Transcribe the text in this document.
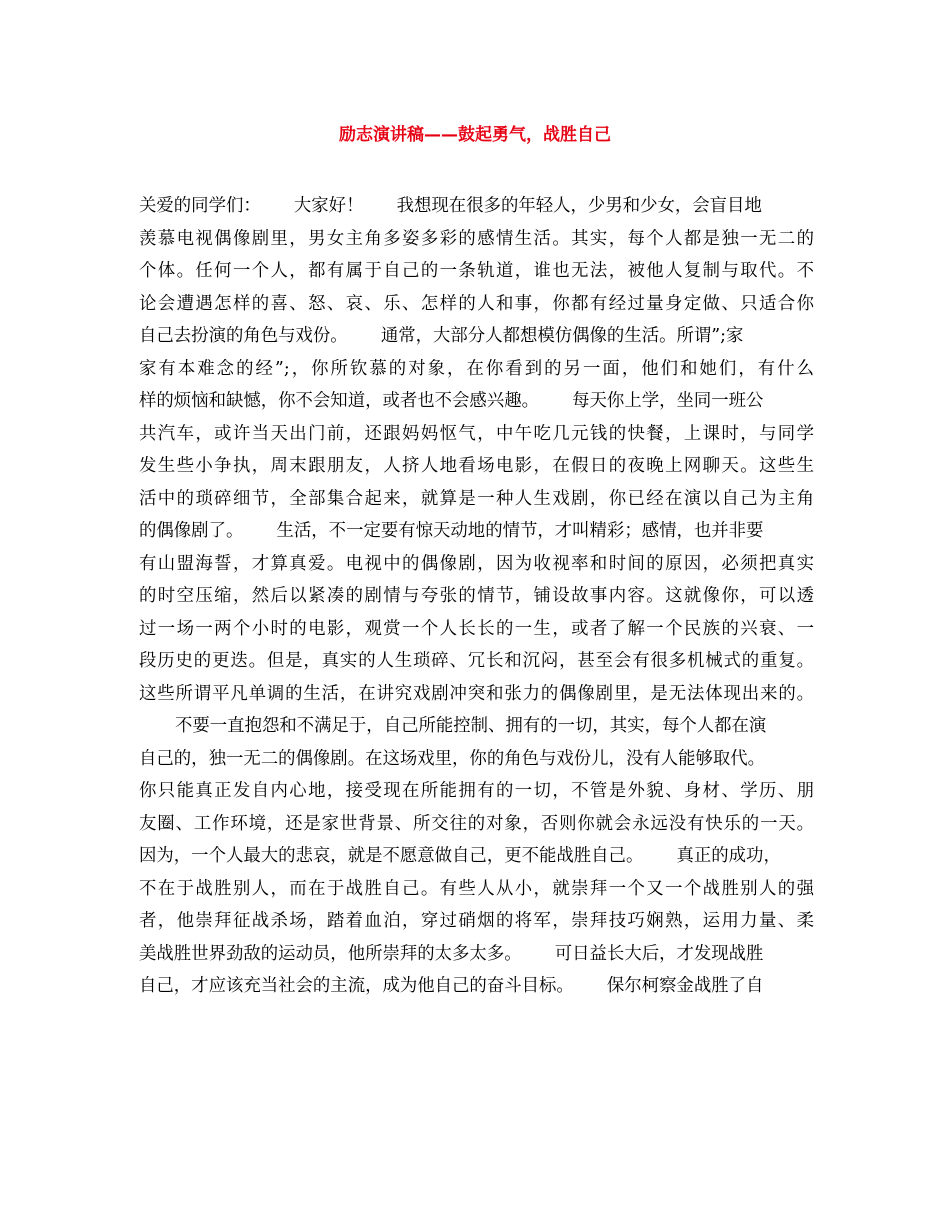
励志演讲稿——鼓起勇气，战胜自己
关爱的同学们：      大家好！      我想现在很多的年轻人，少男和少女，会盲目地
羡慕电视偶像剧里，男女主角多姿多彩的感情生活。其实，每个人都是独一无二的
个体。任何一个人，都有属于自己的一条轨道，谁也无法，被他人复制与取代。不
论会遭遇怎样的喜、怒、哀、乐、怎样的人和事，你都有经过量身定做、只适合你
自己去扮演的角色与戏份。      通常，大部分人都想模仿偶像的生活。所谓”;家
家有本难念的经”;，你所钦慕的对象，在你看到的另一面，他们和她们，有什么
样的烦恼和缺憾，你不会知道，或者也不会感兴趣。      每天你上学，坐同一班公
共汽车，或许当天出门前，还跟妈妈怄气，中午吃几元钱的快餐，上课时，与同学
发生些小争执，周末跟朋友，人挤人地看场电影，在假日的夜晚上网聊天。这些生
活中的琐碎细节，全部集合起来，就算是一种人生戏剧，你已经在演以自己为主角
的偶像剧了。      生活，不一定要有惊天动地的情节，才叫精彩；感情，也并非要
有山盟海誓，才算真爱。电视中的偶像剧，因为收视率和时间的原因，必须把真实
的时空压缩，然后以紧凑的剧情与夸张的情节，铺设故事内容。这就像你，可以透
过一场一两个小时的电影，观赏一个人长长的一生，或者了解一个民族的兴衰、一
段历史的更迭。但是，真实的人生琐碎、冗长和沉闷，甚至会有很多机械式的重复。
这些所谓平凡单调的生活，在讲究戏剧冲突和张力的偶像剧里，是无法体现出来的。
不要一直抱怨和不满足于，自己所能控制、拥有的一切，其实，每个人都在演
自己的，独一无二的偶像剧。在这场戏里，你的角色与戏份儿，没有人能够取代。
你只能真正发自内心地，接受现在所能拥有的一切，不管是外貌、身材、学历、朋
友圈、工作环境，还是家世背景、所交往的对象，否则你就会永远没有快乐的一天。
因为，一个人最大的悲哀，就是不愿意做自己，更不能战胜自己。      真正的成功，
不在于战胜别人，而在于战胜自己。有些人从小，就崇拜一个又一个战胜别人的强
者，他崇拜征战杀场，踏着血泊，穿过硝烟的将军，崇拜技巧娴熟，运用力量、柔
美战胜世界劲敌的运动员，他所崇拜的太多太多。      可日益长大后，才发现战胜
自己，才应该充当社会的主流，成为他自己的奋斗目标。      保尔柯察金战胜了自
